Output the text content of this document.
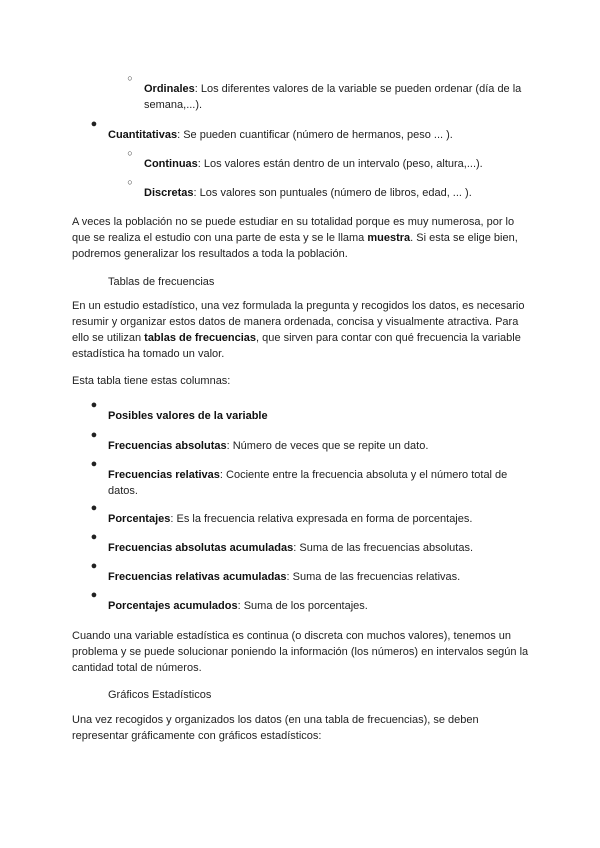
○

Ordinales: Los diferentes valores de la variable se pueden ordenar (día de la semana,...).

●

Cuantitativas: Se pueden cuantificar (número de hermanos, peso ... ).

○

Continuas: Los valores están dentro de un intervalo (peso, altura,...).

○

Discretas: Los valores son puntuales (número de libros, edad, ... ).

A veces la población no se puede estudiar en su totalidad porque es muy numerosa, por lo que se realiza el estudio con una parte de esta y se le llama muestra. Si esta se elige bien, podremos generalizar los resultados a toda la población.

Tablas de frecuencias

En un estudio estadístico, una vez formulada la pregunta y recogidos los datos, es necesario resumir y organizar estos datos de manera ordenada, concisa y visualmente atractiva. Para ello se utilizan tablas de frecuencias, que sirven para contar con qué frecuencia la variable estadística ha tomado un valor.

Esta tabla tiene estas columnas:

●

Posibles valores de la variable

●

Frecuencias absolutas: Número de veces que se repite un dato.

●

Frecuencias relativas: Cociente entre la frecuencia absoluta y el número total de datos.

●

Porcentajes: Es la frecuencia relativa expresada en forma de porcentajes.

●

Frecuencias absolutas acumuladas: Suma de las frecuencias absolutas.

●

Frecuencias relativas acumuladas: Suma de las frecuencias relativas.

●

Porcentajes acumulados: Suma de los porcentajes.

Cuando una variable estadística es continua (o discreta con muchos valores), tenemos un problema y se puede solucionar poniendo la información (los números) en intervalos según la cantidad total de números.

Gráficos Estadísticos

Una vez recogidos y organizados los datos (en una tabla de frecuencias), se deben representar gráficamente con gráficos estadísticos:
